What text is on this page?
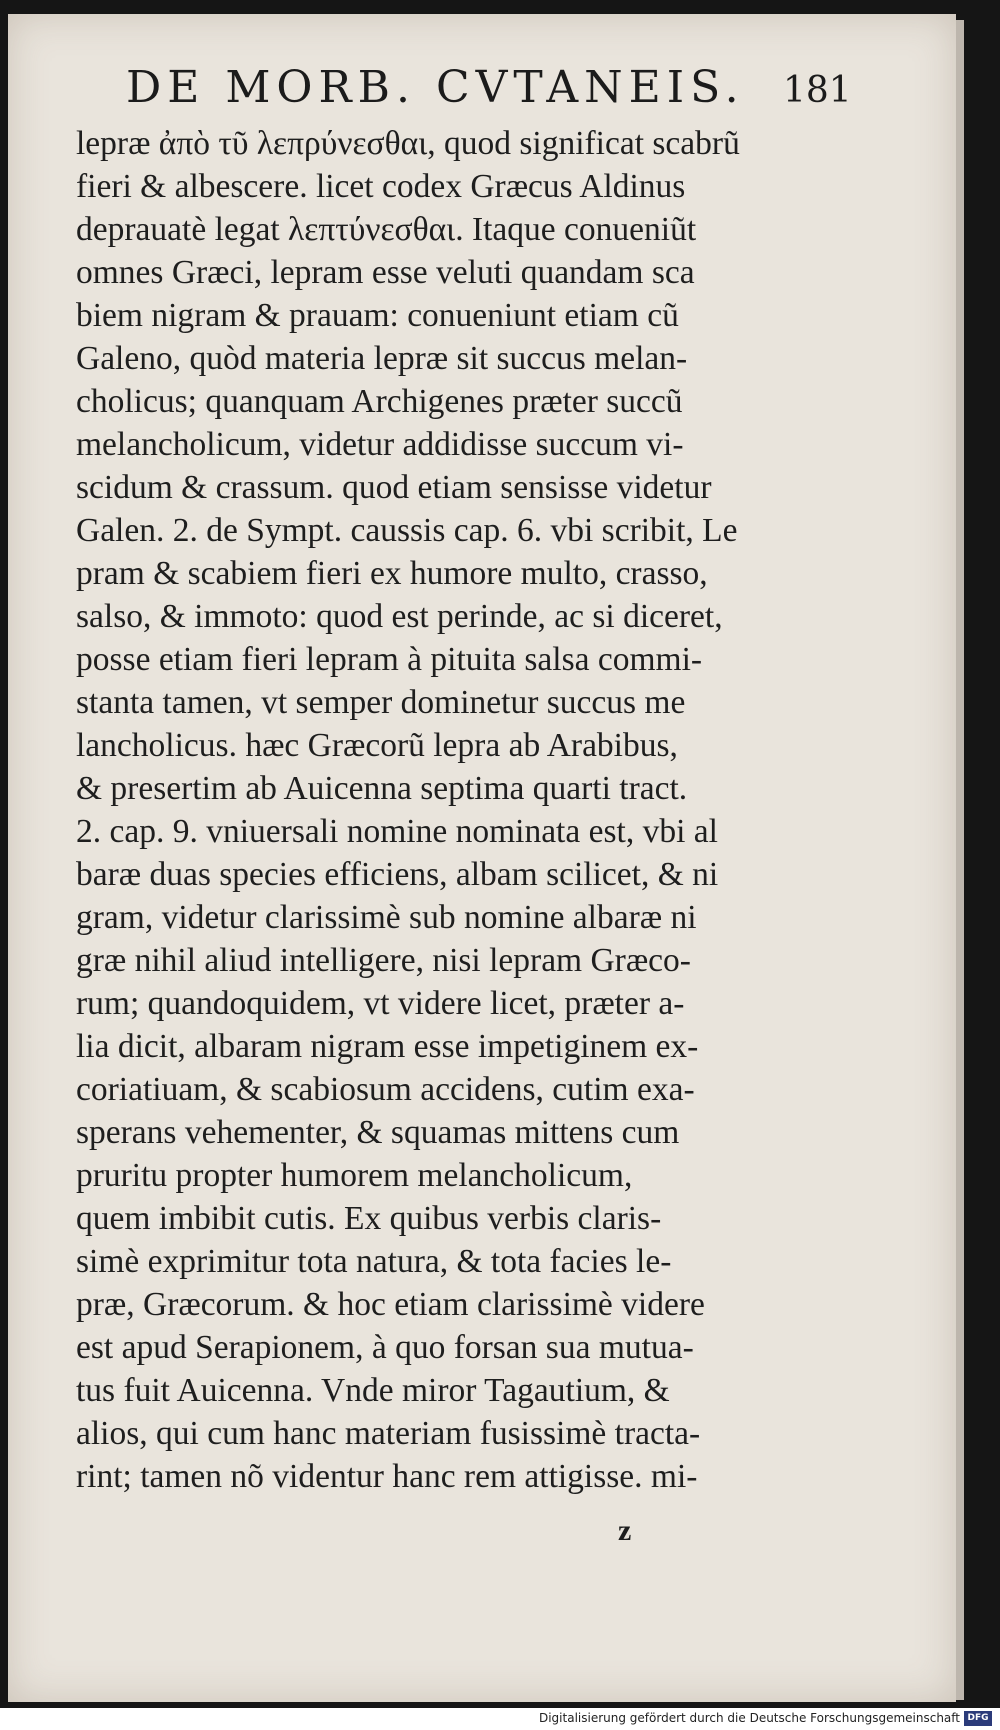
DE MORB. CVTANEIS. 181
lepræ ἀπὸ τῦ λεπρύνεσθαι, quod significat scabrũ
fieri & albescere. licet codex Græcus Aldinus
deprauatè legat λεπτύνεσθαι. Itaque conueniũt
omnes Græci, lepram esse veluti quandam sca
biem nigram & prauam: conueniunt etiam cũ
Galeno, quòd materia lepræ sit succus melan-
cholicus; quanquam Archigenes præter succũ
melancholicum, videtur addidisse succum vi-
scidum & crassum. quod etiam sensisse videtur
Galen. 2. de Sympt. caussis cap. 6. vbi scribit, Le
pram & scabiem fieri ex humore multo, crasso,
salso, & immoto: quod est perinde, ac si diceret,
posse etiam fieri lepram à pituita salsa commi-
stanta tamen, vt semper dominetur succus me
lancholicus. hæc Græcorũ lepra ab Arabibus,
& presertim ab Auicenna septima quarti tract.
2. cap. 9. vniuersali nomine nominata est, vbi al
baræ duas species efficiens, albam scilicet, & ni
gram, videtur clarissimè sub nomine albaræ ni
græ nihil aliud intelligere, nisi lepram Græco-
rum; quandoquidem, vt videre licet, præter a-
lia dicit, albaram nigram esse impetiginem ex-
coriatiuam, & scabiosum accidens, cutim exa-
sperans vehementer, & squamas mittens cum
pruritu propter humorem melancholicum,
quem imbibit cutis. Ex quibus verbis claris-
simè exprimitur tota natura, & tota facies le-
præ, Græcorum. & hoc etiam clarissimè videre
est apud Serapionem, à quo forsan sua mutua-
tus fuit Auicenna. Vnde miror Tagautium, &
alios, qui cum hanc materiam fusissimè tracta-
rint; tamen nõ videntur hanc rem attigisse. mi-
z
Digitalisierung gefördert durch die Deutsche Forschungsgemeinschaft DFG
